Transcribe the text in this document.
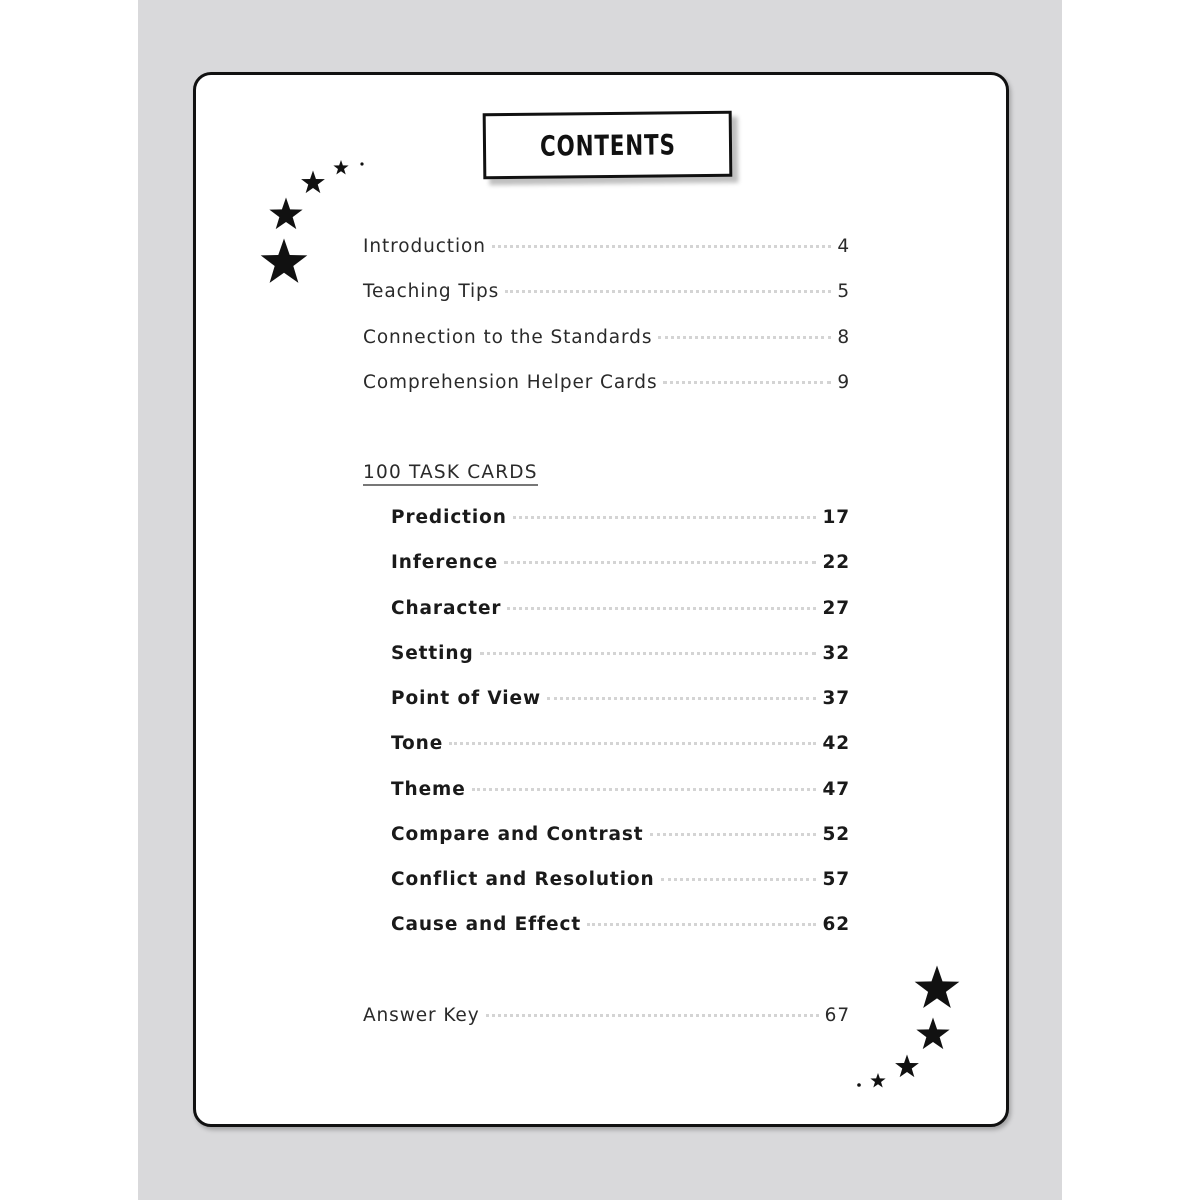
CONTENTS
Introduction	4
Teaching Tips	5
Connection to the Standards	8
Comprehension Helper Cards	9
100 TASK CARDS
Prediction	17
Inference	22
Character	27
Setting	32
Point of View	37
Tone	42
Theme	47
Compare and Contrast	52
Conflict and Resolution	57
Cause and Effect	62
Answer Key	67
